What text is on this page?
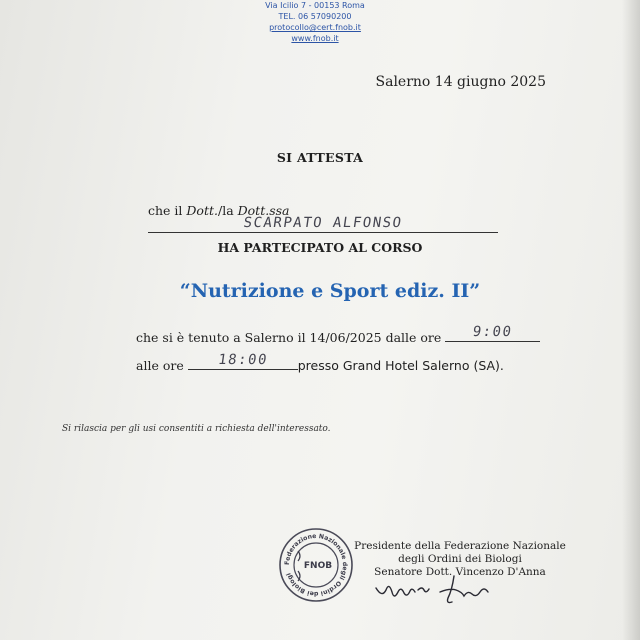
Via Icilio 7 - 00153 Roma
TEL. 06 57090200
protocollo@cert.fnob.it
www.fnob.it
Salerno 14 giugno 2025
SI ATTESTA
che il Dott./la Dott.ssa
SCARPATO ALFONSO
HA PARTECIPATO AL CORSO
“Nutrizione e Sport ediz. II”
che si è tenuto a Salerno il 14/06/2025 dalle ore	9:00
alle ore	18:00	presso Grand Hotel Salerno (SA).
Si rilascia per gli usi consentiti a richiesta dell'interessato.
Federazione Nazionale degli Ordini dei Biologi
FNOB
Presidente della Federazione Nazionale
degli Ordini dei Biologi
Senatore Dott. Vincenzo D'Anna
